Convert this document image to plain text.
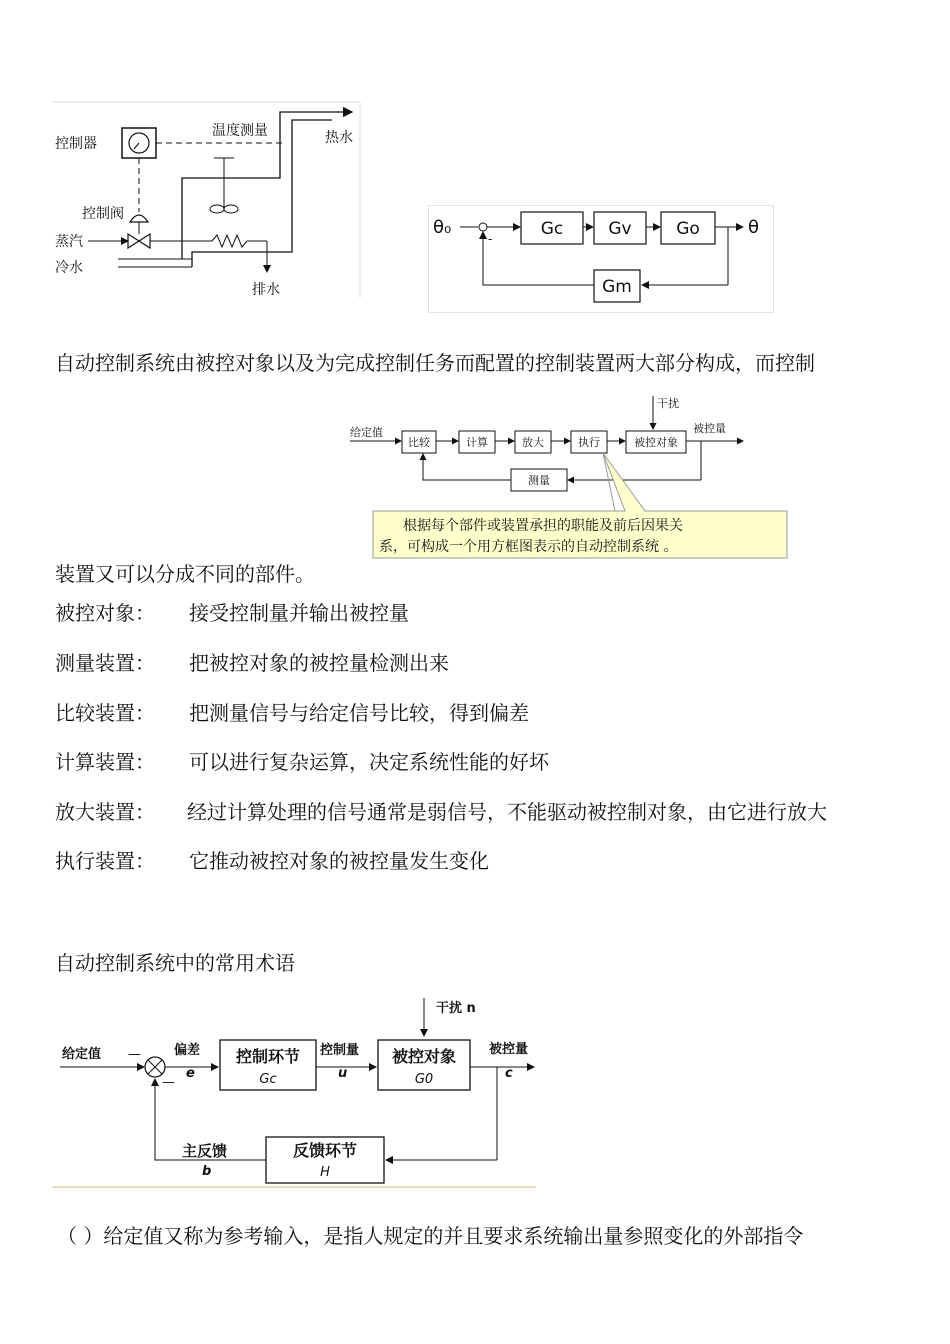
控制器
温度测量
控制阀
蒸汽
排水
冷水
热水
θ₀
-	Gc	Gv	Go	θ
Gm
自动控制系统由被控对象以及为完成控制任务而配置的控制装置两大部分构成，而控制
干扰
给定值
比较	计算	放大	执行	被控对象
被控量
测量
根据每个部件或装置承担的职能及前后因果关
系，可构成一个用方框图表示的自动控制系统 。
装置又可以分成不同的部件。
被控对象： 接受控制量并输出被控量
测量装置： 把被控对象的被控量检测出来
比较装置： 把测量信号与给定信号比较，得到偏差
计算装置： 可以进行复杂运算，决定系统性能的好坏
放大装置： 经过计算处理的信号通常是弱信号，不能驱动被控制对象，由它进行放大
执行装置： 它推动被控对象的被控量发生变化
自动控制系统中的常用术语
干扰 n
给定值 —
—
偏差
e
控制环节
Gc
控制量
u
被控对象
G0
被控量
c
反馈环节
H
主反馈
b
（ ）给定值又称为参考输入，是指人规定的并且要求系统输出量参照变化的外部指令
